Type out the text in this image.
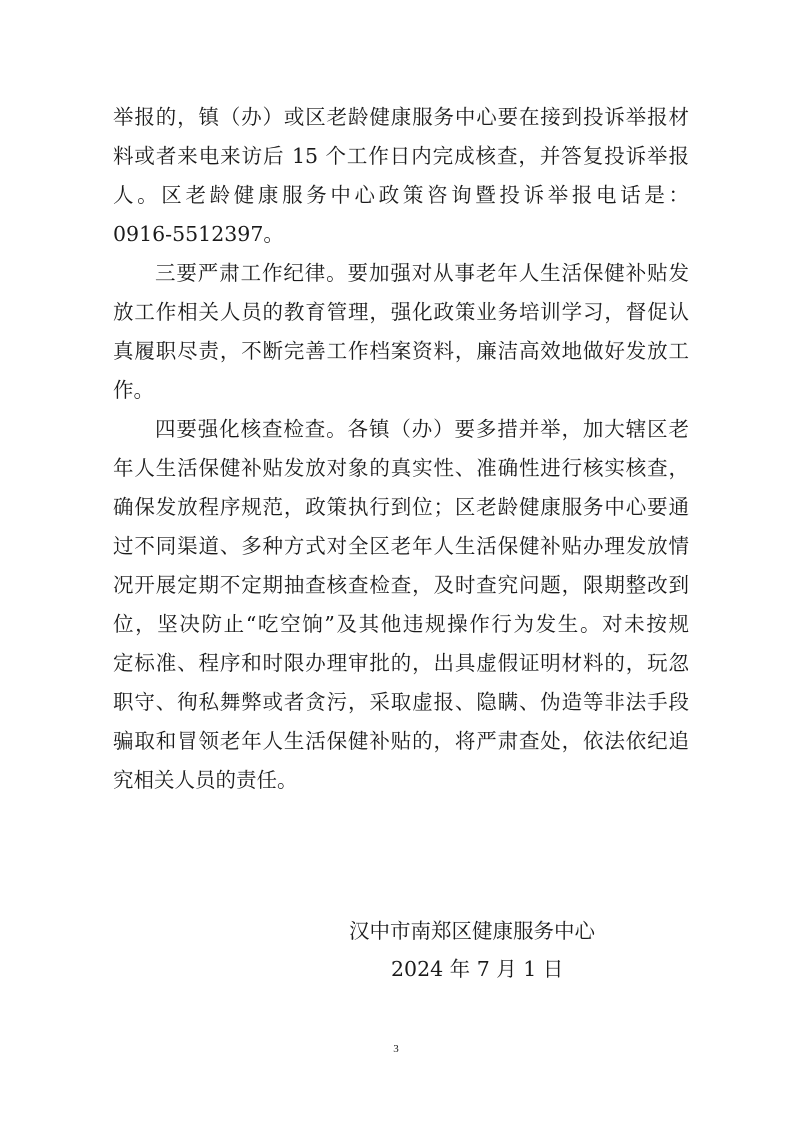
举报的，镇（办）或区老龄健康服务中心要在接到投诉举报材
料或者来电来访后 15 个工作日内完成核查，并答复投诉举报
人。区老龄健康服务中心政策咨询暨投诉举报电话是：
0916-5512397。
三要严肃工作纪律。要加强对从事老年人生活保健补贴发
放工作相关人员的教育管理，强化政策业务培训学习，督促认
真履职尽责，不断完善工作档案资料，廉洁高效地做好发放工
作。
四要强化核查检查。各镇（办）要多措并举，加大辖区老
年人生活保健补贴发放对象的真实性、准确性进行核实核查，
确保发放程序规范，政策执行到位；区老龄健康服务中心要通
过不同渠道、多种方式对全区老年人生活保健补贴办理发放情
况开展定期不定期抽查核查检查，及时查究问题，限期整改到
位，坚决防止“吃空饷”及其他违规操作行为发生。对未按规
定标准、程序和时限办理审批的，出具虚假证明材料的，玩忽
职守、徇私舞弊或者贪污，采取虚报、隐瞒、伪造等非法手段
骗取和冒领老年人生活保健补贴的，将严肃查处，依法依纪追
究相关人员的责任。
汉中市南郑区健康服务中心
2024 年 7 月 1 日
3
